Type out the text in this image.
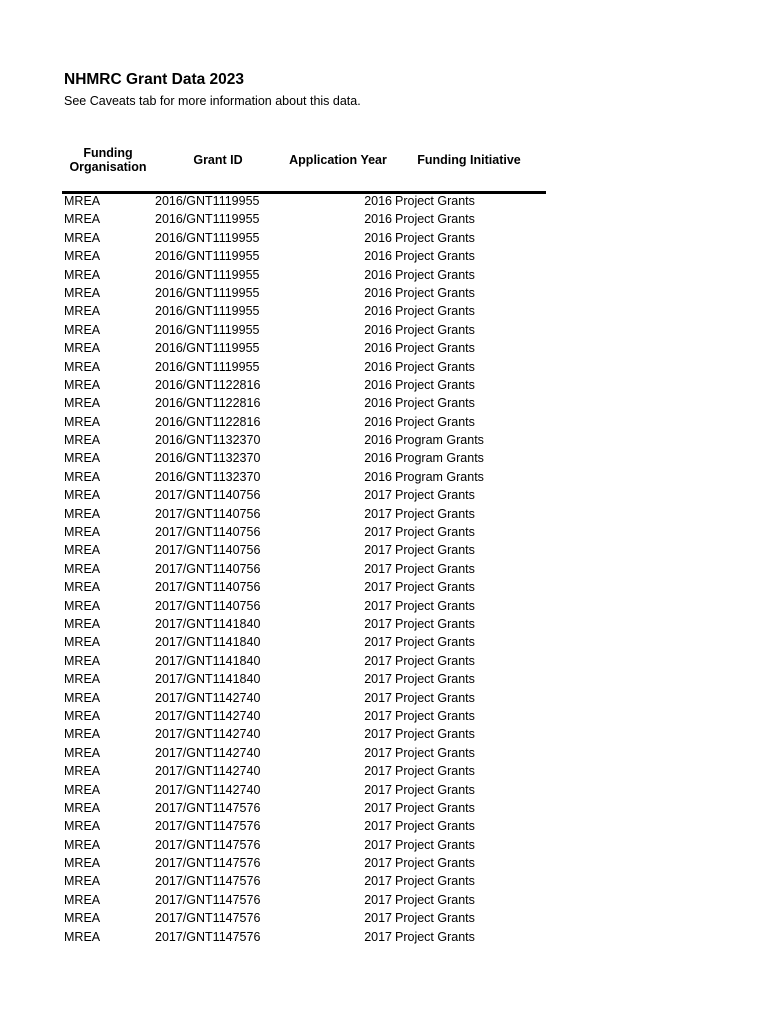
NHMRC Grant Data 2023
See Caveats tab for more information about this data.
Funding
Organisation	Grant ID	Application Year	Funding Initiative
MREA	2016/GNT1119955	2016 Project Grants
MREA	2016/GNT1119955	2016 Project Grants
MREA	2016/GNT1119955	2016 Project Grants
MREA	2016/GNT1119955	2016 Project Grants
MREA	2016/GNT1119955	2016 Project Grants
MREA	2016/GNT1119955	2016 Project Grants
MREA	2016/GNT1119955	2016 Project Grants
MREA	2016/GNT1119955	2016 Project Grants
MREA	2016/GNT1119955	2016 Project Grants
MREA	2016/GNT1119955	2016 Project Grants
MREA	2016/GNT1122816	2016 Project Grants
MREA	2016/GNT1122816	2016 Project Grants
MREA	2016/GNT1122816	2016 Project Grants
MREA	2016/GNT1132370	2016 Program Grants
MREA	2016/GNT1132370	2016 Program Grants
MREA	2016/GNT1132370	2016 Program Grants
MREA	2017/GNT1140756	2017 Project Grants
MREA	2017/GNT1140756	2017 Project Grants
MREA	2017/GNT1140756	2017 Project Grants
MREA	2017/GNT1140756	2017 Project Grants
MREA	2017/GNT1140756	2017 Project Grants
MREA	2017/GNT1140756	2017 Project Grants
MREA	2017/GNT1140756	2017 Project Grants
MREA	2017/GNT1141840	2017 Project Grants
MREA	2017/GNT1141840	2017 Project Grants
MREA	2017/GNT1141840	2017 Project Grants
MREA	2017/GNT1141840	2017 Project Grants
MREA	2017/GNT1142740	2017 Project Grants
MREA	2017/GNT1142740	2017 Project Grants
MREA	2017/GNT1142740	2017 Project Grants
MREA	2017/GNT1142740	2017 Project Grants
MREA	2017/GNT1142740	2017 Project Grants
MREA	2017/GNT1142740	2017 Project Grants
MREA	2017/GNT1147576	2017 Project Grants
MREA	2017/GNT1147576	2017 Project Grants
MREA	2017/GNT1147576	2017 Project Grants
MREA	2017/GNT1147576	2017 Project Grants
MREA	2017/GNT1147576	2017 Project Grants
MREA	2017/GNT1147576	2017 Project Grants
MREA	2017/GNT1147576	2017 Project Grants
MREA	2017/GNT1147576	2017 Project Grants
